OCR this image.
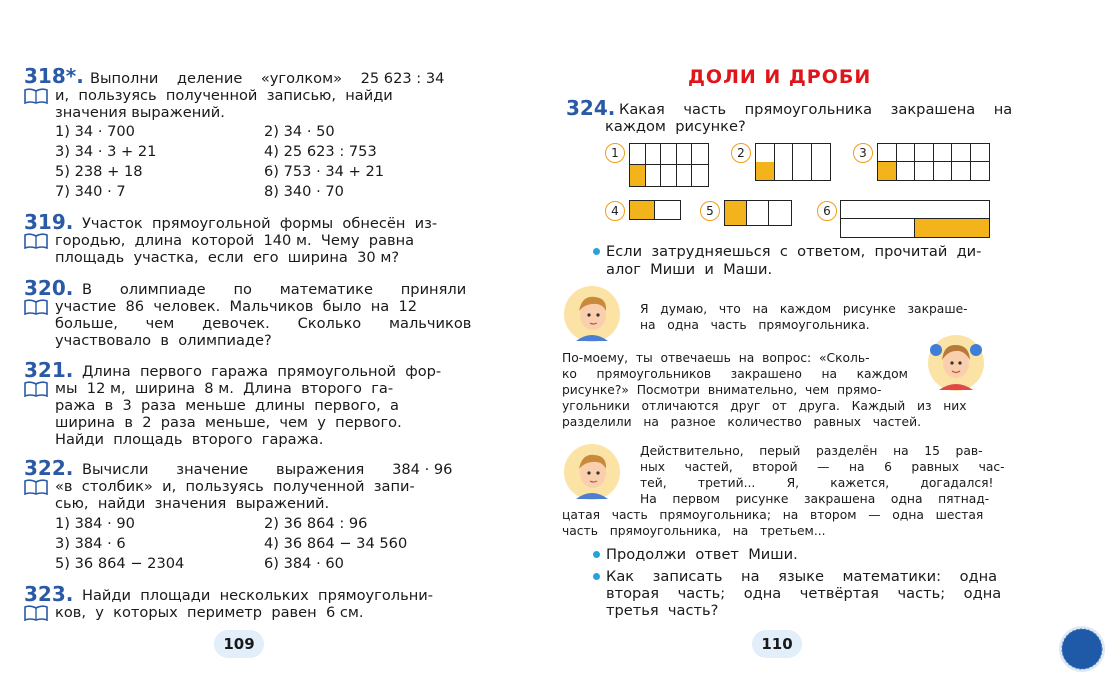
318*. Выполни    деление    «уголком»    25 623 : 34
и,  пользуясь  полученной  записью,  найди
значения выражений.
1) 34 · 700	2) 34 · 50
3) 34 · 3 + 21	4) 25 623 : 753
5) 238 + 18	6) 753 · 34 + 21
7) 340 · 7	8) 340 · 70
319. Участок  прямоугольной  формы  обнесён  из-
городью,  длина  которой  140 м.  Чему  равна
площадь  участка,  если  его  ширина  30 м?
320. В      олимпиаде      по      математике      приняли
участие  86  человек.  Мальчиков  было  на  12
больше,      чем      девочек.      Сколько      мальчиков
участвовало  в  олимпиаде?
321. Длина  первого  гаража  прямоугольной  фор-
мы  12 м,  ширина  8 м.  Длина  второго  га-
ража  в  3  раза  меньше  длины  первого,  а
ширина  в  2  раза  меньше,  чем  у  первого.
Найди  площадь  второго  гаража.
322. Вычисли      значение      выражения      384 · 96
«в  столбик»  и,  пользуясь  полученной  запи-
сью,  найди  значения  выражений.
1) 384 · 90	2) 36 864 : 96
3) 384 · 6	4) 36 864 − 34 560
5) 36 864 − 2304	6) 384 · 60
323. Найди  площади  нескольких  прямоугольни-
ков,  у  которых  периметр  равен  6 см.
109
ДОЛИ И ДРОБИ
324. Какая    часть    прямоугольника    закрашена    на
каждом  рисунке?
1	2	3
4	5	6
Если  затрудняешься  с  ответом,  прочитай  ди-
алог  Миши  и  Маши.
Я   думаю,   что   на   каждом   рисунке   закраше-
на   одна   часть   прямоугольника.
По-моему,  ты  отвечаешь  на  вопрос:  «Сколь-
ко     прямоугольников     закрашено     на     каждом
рисунке?»  Посмотри  внимательно,  чем  прямо-
угольники   отличаются   друг   от   друга.   Каждый   из   них
разделили   на   разное   количество   равных   частей.
Действительно,    перый    разделён    на    15    рав-
ных     частей,     второй     —     на     6     равных     час-
тей,        третий...        Я,        кажется,        догадался!
На    первом    рисунке    закрашена    одна    пятнад-
цатая   часть   прямоугольника;   на   втором   —   одна   шестая
часть   прямоугольника,   на   третьем...
Продолжи  ответ  Миши.
Как    записать    на    языке    математики:    одна
вторая    часть;    одна    четвёртая    часть;    одна
третья  часть?
110
